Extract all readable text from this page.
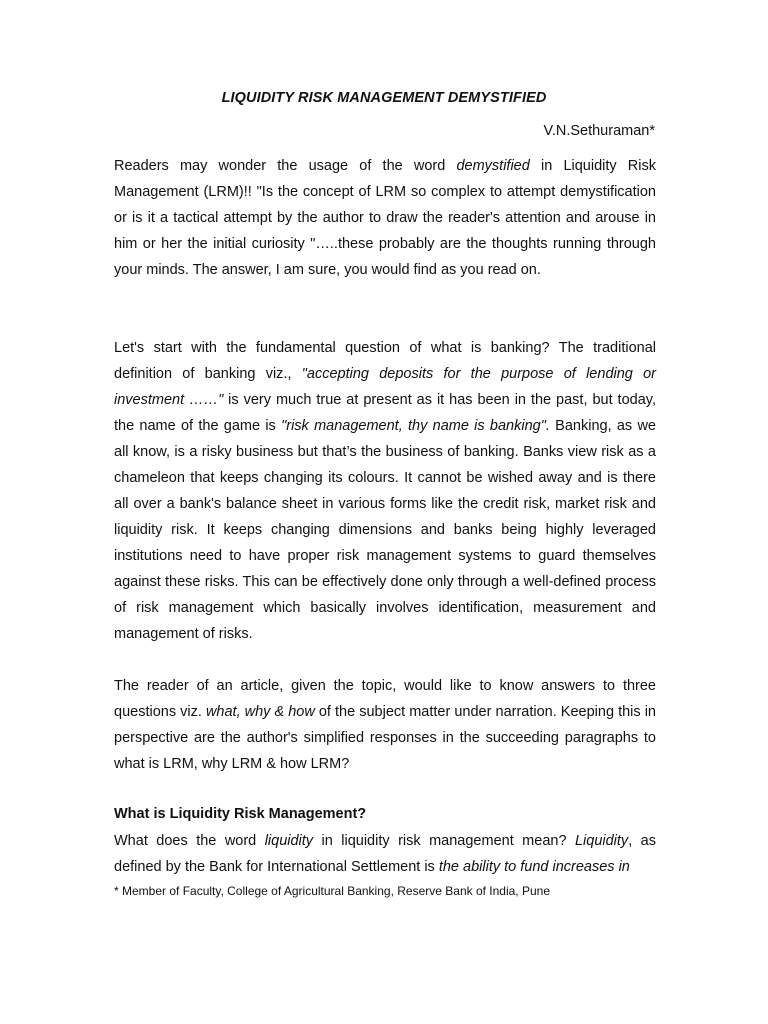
LIQUIDITY RISK MANAGEMENT DEMYSTIFIED
V.N.Sethuraman*

Readers may wonder the usage of the word demystified in Liquidity Risk Management (LRM)!! "Is the concept of LRM so complex to attempt demystification or is it a tactical attempt by the author to draw the reader's attention and arouse in him or her the initial curiosity "…..these probably are the thoughts running through your minds. The answer, I am sure, you would find as you read on.

Let's start with the fundamental question of what is banking? The traditional definition of banking viz., "accepting deposits for the purpose of lending or investment ……" is very much true at present as it has been in the past, but today, the name of the game is "risk management, thy name is banking". Banking, as we all know, is a risky business but that’s the business of banking. Banks view risk as a chameleon that keeps changing its colours. It cannot be wished away and is there all over a bank's balance sheet in various forms like the credit risk, market risk and liquidity risk. It keeps changing dimensions and banks being highly leveraged institutions need to have proper risk management systems to guard themselves against these risks. This can be effectively done only through a well-defined process of risk management which basically involves identification, measurement and management of risks.

The reader of an article, given the topic, would like to know answers to three questions viz. what, why & how of the subject matter under narration. Keeping this in perspective are the author's simplified responses in the succeeding paragraphs to what is LRM, why LRM & how LRM?

What is Liquidity Risk Management?

What does the word liquidity in liquidity risk management mean? Liquidity, as defined by the Bank for International Settlement is the ability to fund increases in

* Member of Faculty, College of Agricultural Banking, Reserve Bank of India, Pune
